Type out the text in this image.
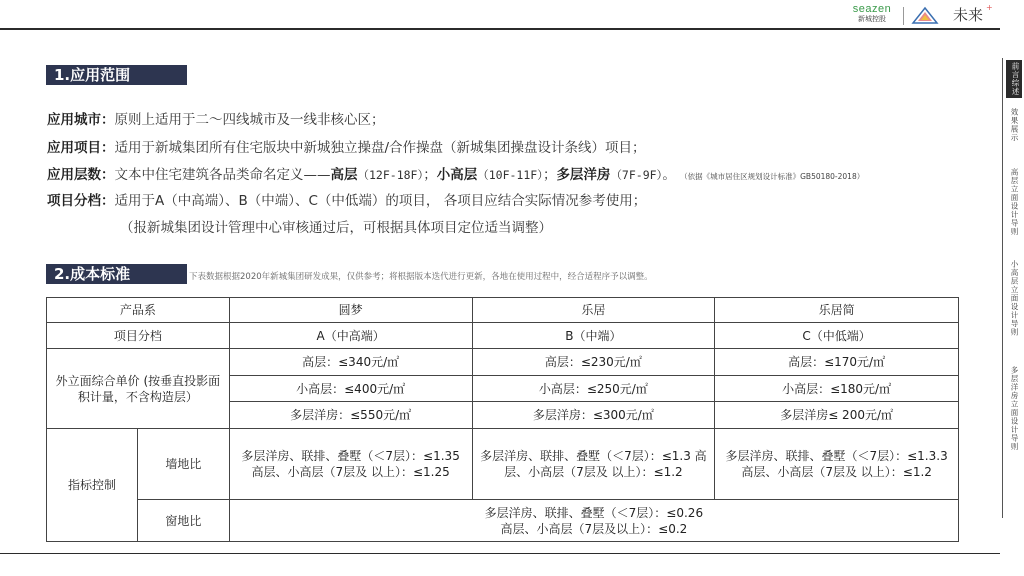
seazen
新城控股	未来 +
前言综述
效果展示
高层立面设计导则
小高层立面设计导则
多层洋房立面设计导则
1.应用范围
应用城市：原则上适用于二～四线城市及一线非核心区；
应用项目：适用于新城集团所有住宅版块中新城独立操盘/合作操盘（新城集团操盘设计条线）项目；
应用层数：文本中住宅建筑各品类命名定义——高层（12F-18F）；小高层（10F-11F）；多层洋房（7F-9F）。 （依据《城市居住区规划设计标准》GB50180-2018）
项目分档：适用于A（中高端）、B（中端）、C（中低端）的项目， 各项目应结合实际情况参考使用；
（报新城集团设计管理中心审核通过后，可根据具体项目定位适当调整）
2.成本标准	下表数据根据2020年新城集团研发成果，仅供参考；将根据版本迭代进行更新，各地在使用过程中，经合适程序予以调整。
产品系		圆梦	乐居	乐居简
项目分档		A（中高端）	B（中端）	C（中低端）
外立面综合单价 (按垂直投影面积计量，不含构造层）		高层：≤340元/㎡	高层：≤230元/㎡	高层：≤170元/㎡
		小高层：≤400元/㎡	小高层：≤250元/㎡	小高层：≤180元/㎡
		多层洋房：≤550元/㎡	多层洋房：≤300元/㎡	多层洋房≤ 200元/㎡
指标控制	墙地比	多层洋房、联排、叠墅（＜7层）：≤1.35 高层、小高层（7层及 以上）：≤1.25	多层洋房、联排、叠墅（＜7层）：≤1.3 高层、小高层（7层及 以上）：≤1.2	多层洋房、联排、叠墅（＜7层）：≤1.3.3 高层、小高层（7层及 以上）：≤1.2
	窗地比	多层洋房、联排、叠墅（＜7层）：≤0.26
高层、小高层（7层及以上）：≤0.2		
